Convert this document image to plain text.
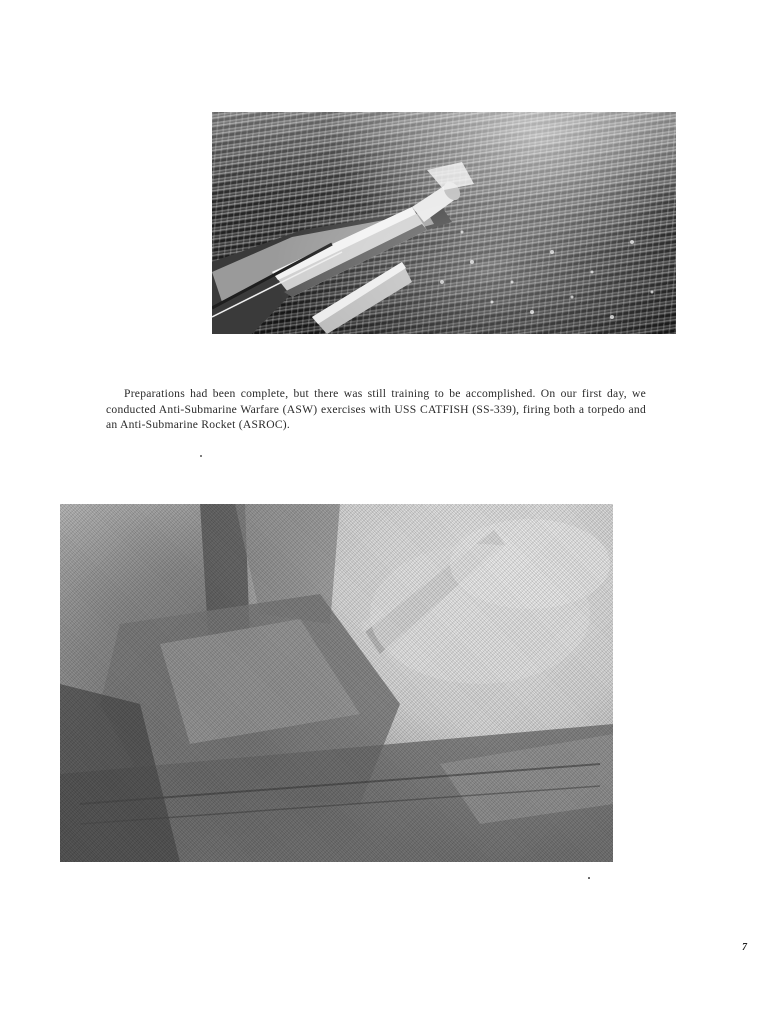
Preparations had been complete, but there was still training to be accomplished. On our first day, we conducted Anti-Submarine Warfare (ASW) exercises with USS CATFISH (SS-339), firing both a torpedo and an Anti-Submarine Rocket (ASROC).

7
